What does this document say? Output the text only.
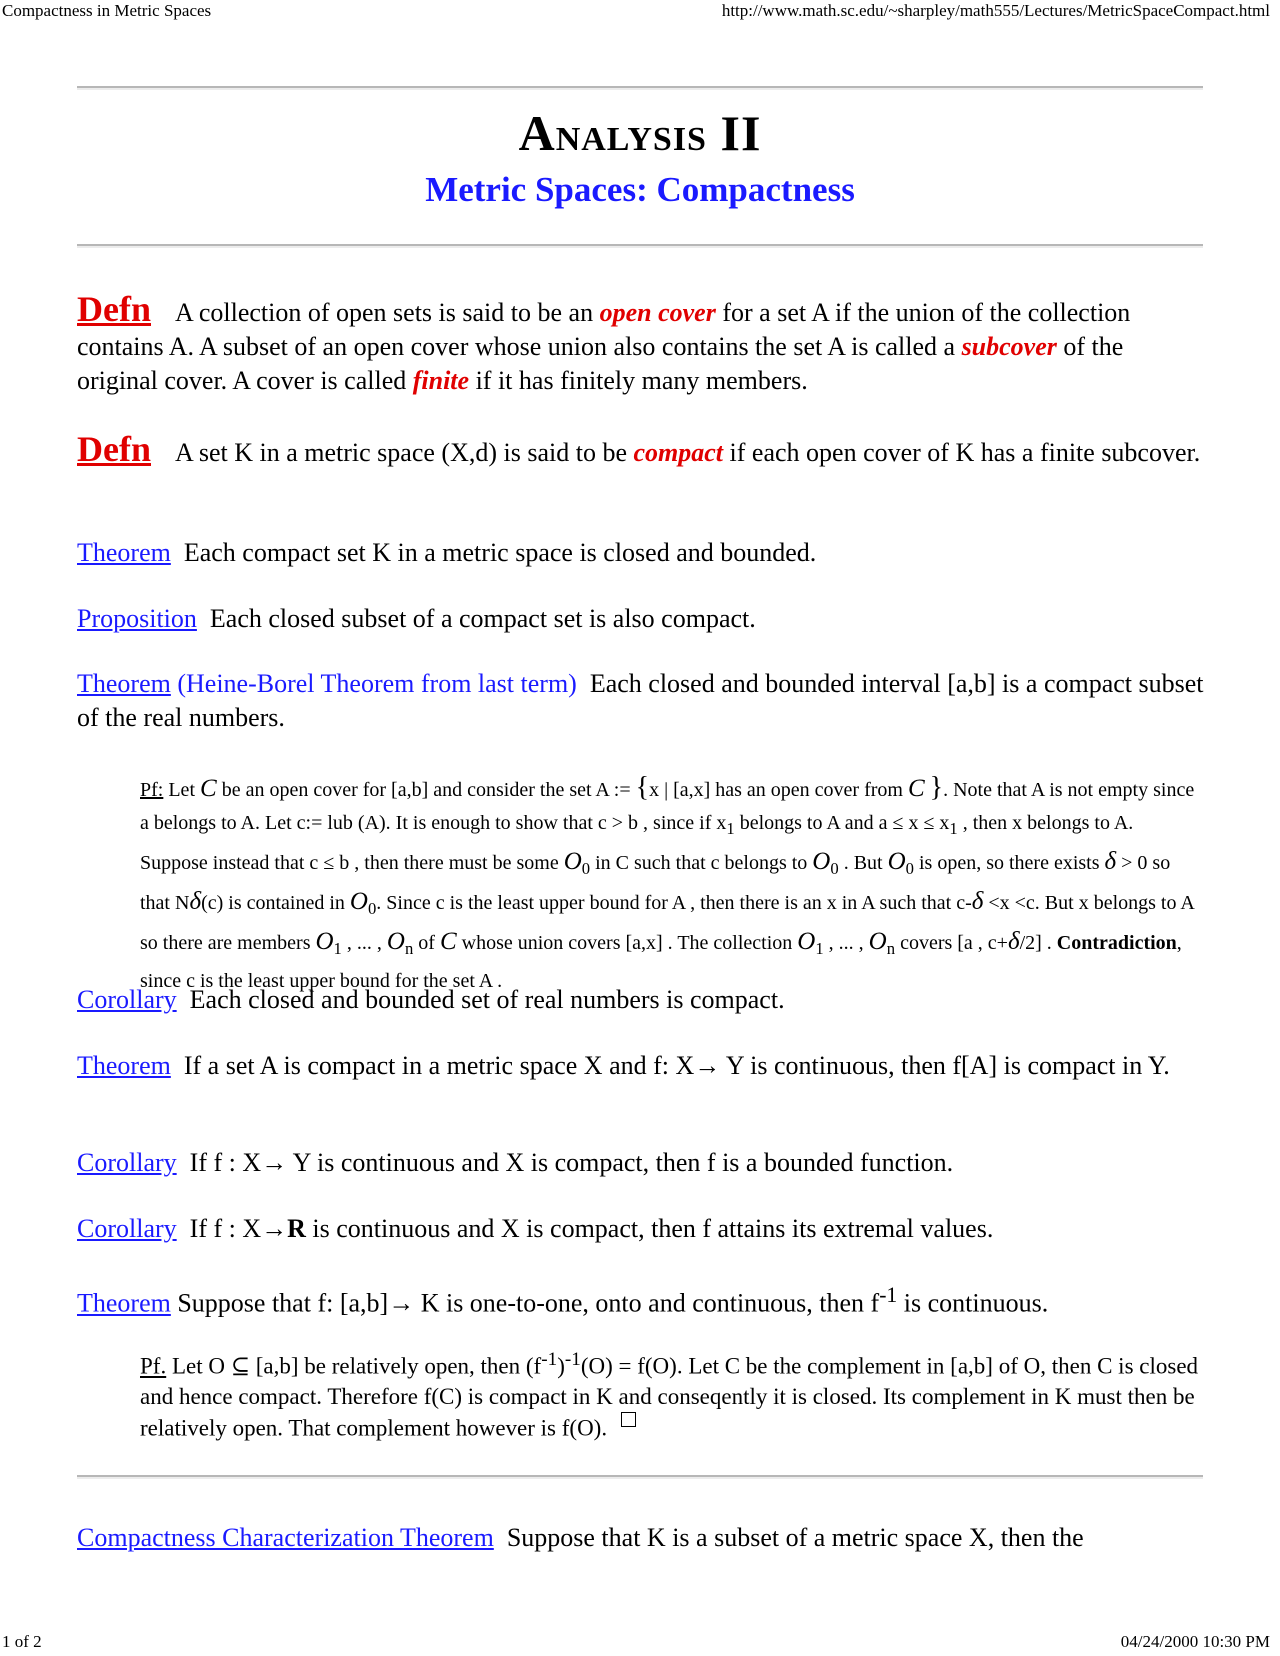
Compactness in Metric Spaces	http://www.math.sc.edu/~sharpley/math555/Lectures/MetricSpaceCompact.html
ANALYSIS II
Metric Spaces: Compactness
Defn A collection of open sets is said to be an open cover for a set A if the union of the collection contains A. A subset of an open cover whose union also contains the set A is called a subcover of the original cover. A cover is called finite if it has finitely many members.
Defn A set K in a metric space (X,d) is said to be compact if each open cover of K has a finite subcover.
Theorem Each compact set K in a metric space is closed and bounded.
Proposition Each closed subset of a compact set is also compact.
Theorem (Heine-Borel Theorem from last term) Each closed and bounded interval [a,b] is a compact subset of the real numbers.
Pf: Let C be an open cover for [a,b] and consider the set A := {x | [a,x] has an open cover from C }. Note that A is not empty since a belongs to A. Let c:= lub (A). It is enough to show that c > b , since if $x_1$ belongs to A and $a \le x \le x_1$ , then x belongs to A. Suppose instead that c ≤ b , then there must be some $O_0$ in C such that c belongs to $O_0$ . But $O_0$ is open, so there exists δ > 0 so that Nδ(c) is contained in $O_0$. Since c is the least upper bound for A , then there is an x in A such that c-δ <x <c. But x belongs to A so there are members $O_1$ , ... , $O_n$ of C whose union covers [a,x] . The collection $O_1$ , ... , $O_n$ covers [a , c+δ/2] . Contradiction, since c is the least upper bound for the set A .
Corollary Each closed and bounded set of real numbers is compact.
Theorem If a set A is compact in a metric space X and f: X→ Y is continuous, then f[A] is compact in Y.
Corollary If f : X→ Y is continuous and X is compact, then f is a bounded function.
Corollary If f : X→R is continuous and X is compact, then f attains its extremal values.
Theorem Suppose that f: [a,b]→ K is one-to-one, onto and continuous, then $f^{-1}$ is continuous.
Pf. Let O ⊆ [a,b] be relatively open, then $(f^{-1})^{-1}(O) = f(O)$. Let C be the complement in [a,b] of O, then C is closed and hence compact. Therefore f(C) is compact in K and conseqently it is closed. Its complement in K must then be relatively open. That complement however is f(O).
Compactness Characterization Theorem Suppose that K is a subset of a metric space X, then the
1 of 2	04/24/2000 10:30 PM
